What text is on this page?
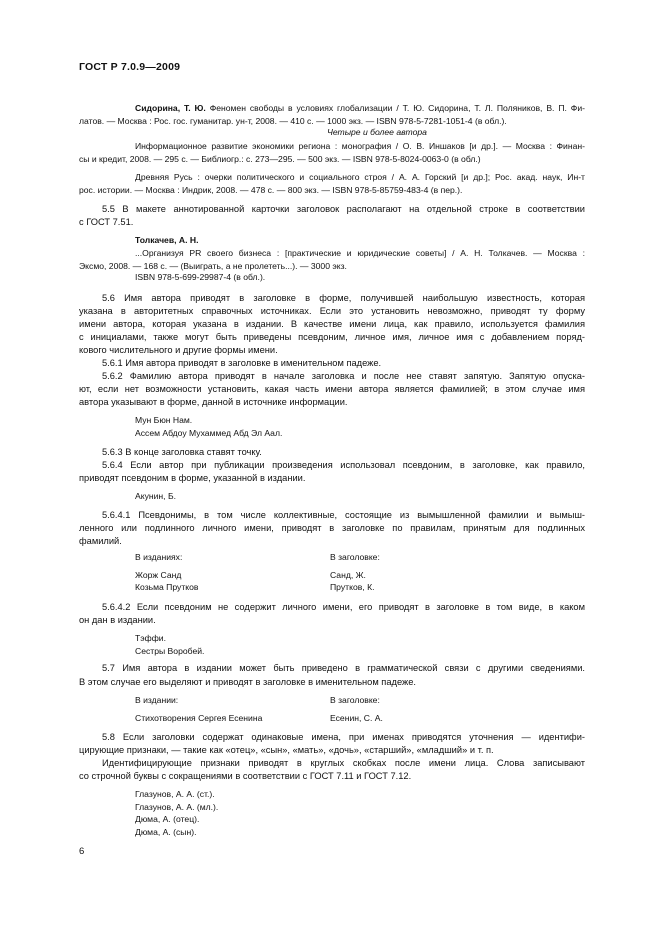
ГОСТ Р 7.0.9—2009
Сидорина, Т. Ю. Феномен свободы в условиях глобализации / Т. Ю. Сидорина, Т. Л. Поляников, В. П. Фи-
латов. — Москва : Рос. гос. гуманитар. ун-т, 2008. — 410 с. — 1000 экз. — ISBN 978-5-7281-1051-4 (в обл.).
Четыре и более автора
Информационное развитие экономики региона : монография / О. В. Иншаков [и др.]. — Москва : Финан-
сы и кредит, 2008. — 295 с. — Библиогр.: с. 273—295. — 500 экз. — ISBN 978-5-8024-0063-0 (в обл.)
Древняя Русь : очерки политического и социального строя / А. А. Горский [и др.]; Рос. акад. наук, Ин-т
рос. истории. — Москва : Индрик, 2008. — 478 с. — 800 экз. — ISBN 978-5-85759-483-4 (в пер.).
5.5 В макете аннотированной карточки заголовок располагают на отдельной строке в соответствии
с ГОСТ 7.51.
Толкачев, А. Н.
...Организуя PR своего бизнеса : [практические и юридические советы] / А. Н. Толкачев. — Москва :
Эксмо, 2008. — 168 с. — (Выиграть, а не пролететь...). — 3000 экз.
ISBN 978-5-699-29987-4 (в обл.).
5.6 Имя автора приводят в заголовке в форме, получившей наибольшую известность, которая
указана в авторитетных справочных источниках. Если это установить невозможно, приводят ту форму
имени автора, которая указана в издании. В качестве имени лица, как правило, используется фамилия
с инициалами, также могут быть приведены псевдоним, личное имя, личное имя с добавлением поряд-
кового числительного и другие формы имени.
5.6.1 Имя автора приводят в заголовке в именительном падеже.
5.6.2 Фамилию автора приводят в начале заголовка и после нее ставят запятую. Запятую опуска-
ют, если нет возможности установить, какая часть имени автора является фамилией; в этом случае имя
автора указывают в форме, данной в источнике информации.
Мун Бюн Нам.
Ассем Абдоу Мухаммед Абд Эл Аал.
5.6.3 В конце заголовка ставят точку.
5.6.4 Если автор при публикации произведения использовал псевдоним, в заголовке, как правило,
приводят псевдоним в форме, указанной в издании.
Акунин, Б.
5.6.4.1 Псевдонимы, в том числе коллективные, состоящие из вымышленной фамилии и вымыш-
ленного или подлинного личного имени, приводят в заголовке по правилам, принятым для подлинных
фамилий.
В изданиях:	В заголовке:
Жорж Санд	Санд, Ж.
Козьма Прутков	Прутков, К.
5.6.4.2 Если псевдоним не содержит личного имени, его приводят в заголовке в том виде, в каком
он дан в издании.
Тэффи.
Сестры Воробей.
5.7 Имя автора в издании может быть приведено в грамматической связи с другими сведениями.
В этом случае его выделяют и приводят в заголовке в именительном падеже.
В издании:	В заголовке:
Стихотворения Сергея Есенина	Есенин, С. А.
5.8 Если заголовки содержат одинаковые имена, при именах приводятся уточнения — идентифи-
цирующие признаки, — такие как «отец», «сын», «мать», «дочь», «старший», «младший» и т. п.
Идентифицирующие признаки приводят в круглых скобках после имени лица. Слова записывают
со строчной буквы с сокращениями в соответствии с ГОСТ 7.11 и ГОСТ 7.12.
Глазунов, А. А. (ст.).
Глазунов, А. А. (мл.).
Дюма, А. (отец).
Дюма, А. (сын).
6
